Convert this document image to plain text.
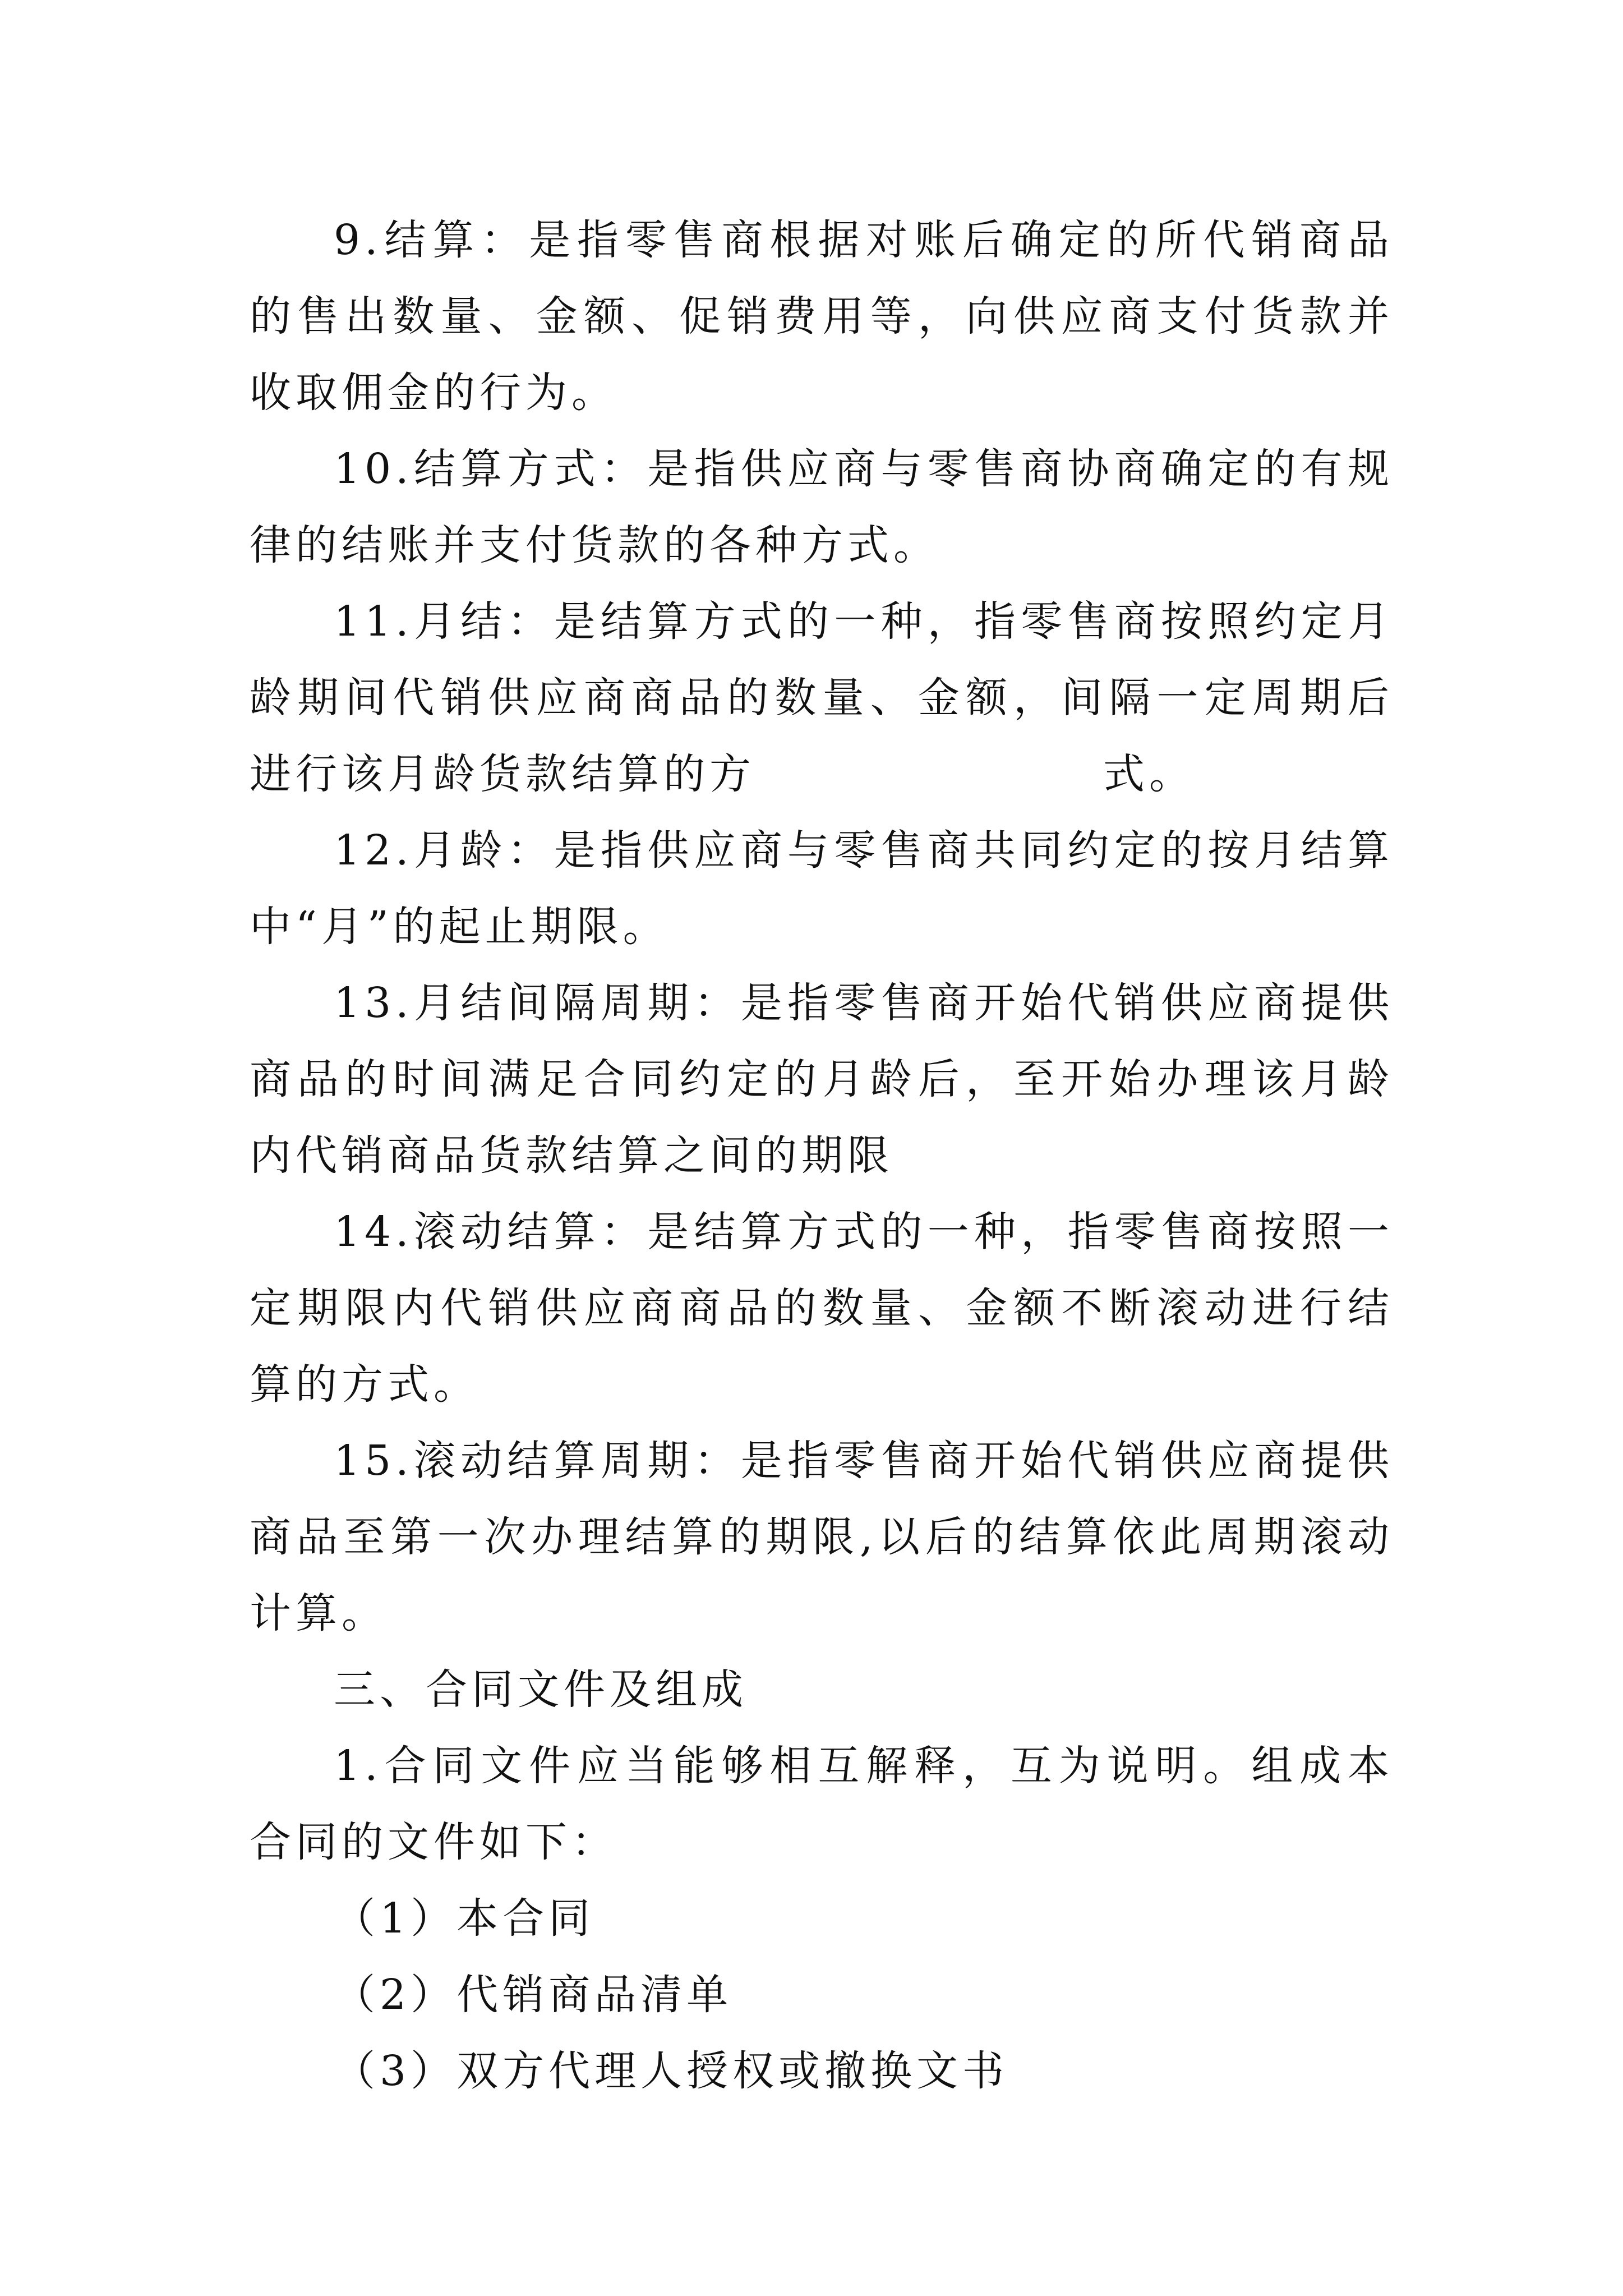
9.结算：是指零售商根据对账后确定的所代销商品的售出数量、金额、促销费用等，向供应商支付货款并收取佣金的行为。

10.结算方式：是指供应商与零售商协商确定的有规律的结账并支付货款的各种方式。

11.月结：是结算方式的一种，指零售商按照约定月龄期间代销供应商商品的数量、金额，间隔一定周期后进行该月龄货款结算的方	式。

12.月龄：是指供应商与零售商共同约定的按月结算中“月”的起止期限。

13.月结间隔周期：是指零售商开始代销供应商提供商品的时间满足合同约定的月龄后，至开始办理该月龄内代销商品货款结算之间的期限

14.滚动结算：是结算方式的一种，指零售商按照一定期限内代销供应商商品的数量、金额不断滚动进行结算的方式。

15.滚动结算周期：是指零售商开始代销供应商提供商品至第一次办理结算的期限,以后的结算依此周期滚动计算。

三、合同文件及组成

1.合同文件应当能够相互解释，互为说明。组成本合同的文件如下：

（1）本合同

（2）代销商品清单

（3）双方代理人授权或撤换文书
